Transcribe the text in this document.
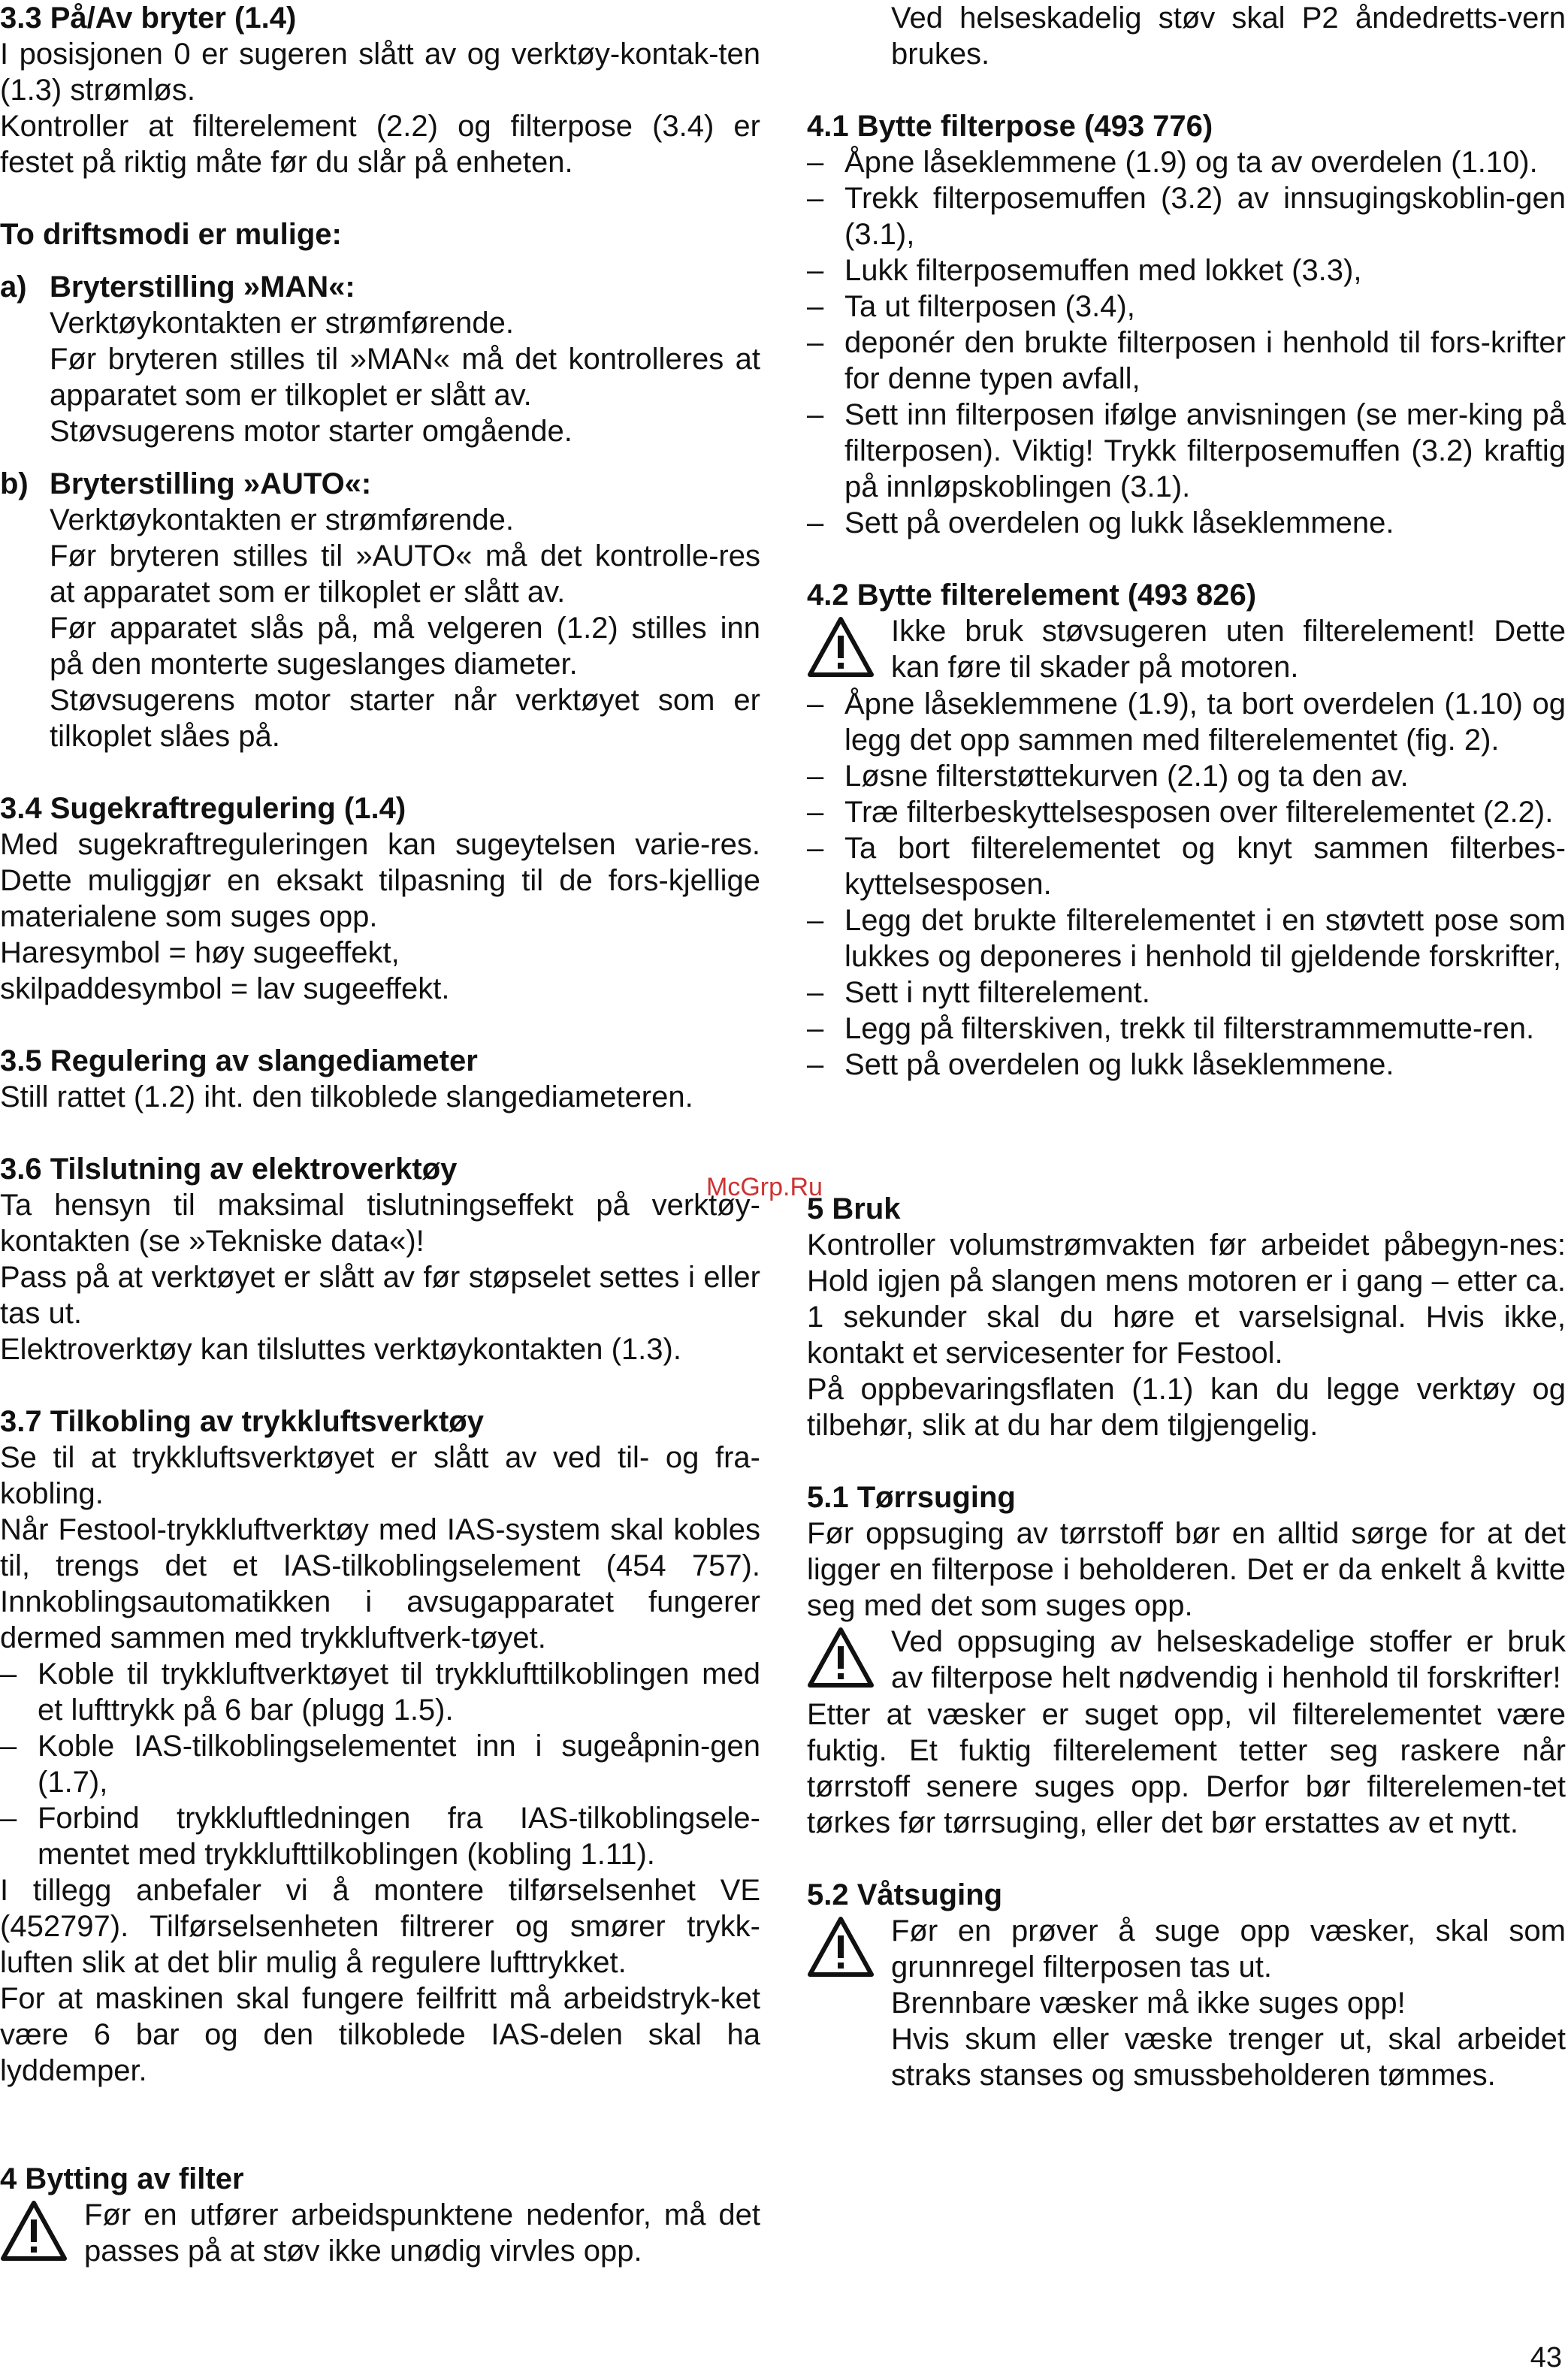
3.3 På/Av bryter (1.4)

I posisjonen 0 er sugeren slått av og verktøy-kontak-ten (1.3) strømløs.

Kontroller at filterelement (2.2) og filterpose (3.4) er festet på riktig måte før du slår på enheten.

To driftsmodi er mulige:

a) Bryterstilling »MAN«:
Verktøykontakten er strømførende.
Før bryteren stilles til »MAN« må det kontrolleres at apparatet som er tilkoplet er slått av.
Støvsugerens motor starter omgående.
b) Bryterstilling »AUTO«:
Verktøykontakten er strømførende.
Før bryteren stilles til »AUTO« må det kontrolle-res at apparatet som er tilkoplet er slått av.
Før apparatet slås på, må velgeren (1.2) stilles inn på den monterte sugeslanges diameter.
Støvsugerens motor starter når verktøyet som er tilkoplet slåes på.

3.4 Sugekraftregulering (1.4)

Med sugekraftreguleringen kan sugeytelsen varie-res. Dette muliggjør en eksakt tilpasning til de fors-kjellige materialene som suges opp.

Haresymbol = høy sugeeffekt,

skilpaddesymbol = lav sugeeffekt.

3.5 Regulering av slangediameter

Still rattet (1.2) iht. den tilkoblede slangediameteren.

3.6 Tilslutning av elektroverktøy

Ta hensyn til maksimal tislutningseffekt på verktøy-kontakten (se »Tekniske data«)!

Pass på at verktøyet er slått av før støpselet settes i eller tas ut.

Elektroverktøy kan tilsluttes verktøykontakten (1.3).

3.7 Tilkobling av trykkluftsverktøy

Se til at trykkluftsverktøyet er slått av ved til- og fra-kobling.

Når Festool-trykkluftverktøy med IAS-system skal kobles til, trengs det et IAS-tilkoblingselement (454 757). Innkoblingsautomatikken i avsugapparatet fungerer dermed sammen med trykkluftverk-tøyet.

– Koble til trykkluftverktøyet til trykklufttilkoblingen med et lufttrykk på 6 bar (plugg 1.5).
– Koble IAS-tilkoblingselementet inn i sugeåpnin-gen (1.7),
– Forbind trykkluftledningen fra IAS-tilkoblingsele-mentet med trykklufttilkoblingen (kobling 1.11).

I tillegg anbefaler vi å montere tilførselsenhet VE (452797). Tilførselsenheten filtrerer og smører trykk-luften slik at det blir mulig å regulere lufttrykket.

For at maskinen skal fungere feilfritt må arbeidstryk-ket være 6 bar og den tilkoblede IAS-delen skal ha lyddemper.

4 Bytting av filter

Før en utfører arbeidspunktene nedenfor, må det passes på at støv ikke unødig virvles opp.

Ved helseskadelig støv skal P2 åndedretts-vern brukes.

4.1 Bytte filterpose (493 776)

– Åpne låseklemmene (1.9) og ta av overdelen (1.10).
– Trekk filterposemuffen (3.2) av innsugingskoblin-gen (3.1),
– Lukk filterposemuffen med lokket (3.3),
– Ta ut filterposen (3.4),
– deponér den brukte filterposen i henhold til fors-krifter for denne typen avfall,
– Sett inn filterposen ifølge anvisningen (se mer-king på filterposen). Viktig! Trykk filterposemuffen (3.2) kraftig på innløpskoblingen (3.1).
– Sett på overdelen og lukk låseklemmene.

4.2 Bytte filterelement (493 826)

Ikke bruk støvsugeren uten filterelement! Dette kan føre til skader på motoren.
– Åpne låseklemmene (1.9), ta bort overdelen (1.10) og legg det opp sammen med filterelementet (fig. 2).
– Løsne filterstøttekurven (2.1) og ta den av.
– Træ filterbeskyttelsesposen over filterelementet (2.2).
– Ta bort filterelementet og knyt sammen filterbes-kyttelsesposen.
– Legg det brukte filterelementet i en støvtett pose som lukkes og deponeres i henhold til gjeldende forskrifter,
– Sett i nytt filterelement.
– Legg på filterskiven, trekk til filterstrammemutte-ren.
– Sett på overdelen og lukk låseklemmene.

5 Bruk

Kontroller volumstrømvakten før arbeidet påbegyn-nes: Hold igjen på slangen mens motoren er i gang – etter ca. 1 sekunder skal du høre et varselsignal. Hvis ikke, kontakt et servicesenter for Festool.

På oppbevaringsflaten (1.1) kan du legge verktøy og tilbehør, slik at du har dem tilgjengelig.

5.1 Tørrsuging

Før oppsuging av tørrstoff bør en alltid sørge for at det ligger en filterpose i beholderen. Det er da enkelt å kvitte seg med det som suges opp.

Ved oppsuging av helseskadelige stoffer er bruk av filterpose helt nødvendig i henhold til forskrifter!

Etter at væsker er suget opp, vil filterelementet være fuktig. Et fuktig filterelement tetter seg raskere når tørrstoff senere suges opp. Derfor bør filterelemen-tet tørkes før tørrsuging, eller det bør erstattes av et nytt.

5.2 Våtsuging

Før en prøver å suge opp væsker, skal som grunnregel filterposen tas ut.
Brennbare væsker må ikke suges opp!
Hvis skum eller væske trenger ut, skal arbeidet straks stanses og smussbeholderen tømmes.
McGrp.Ru
43
